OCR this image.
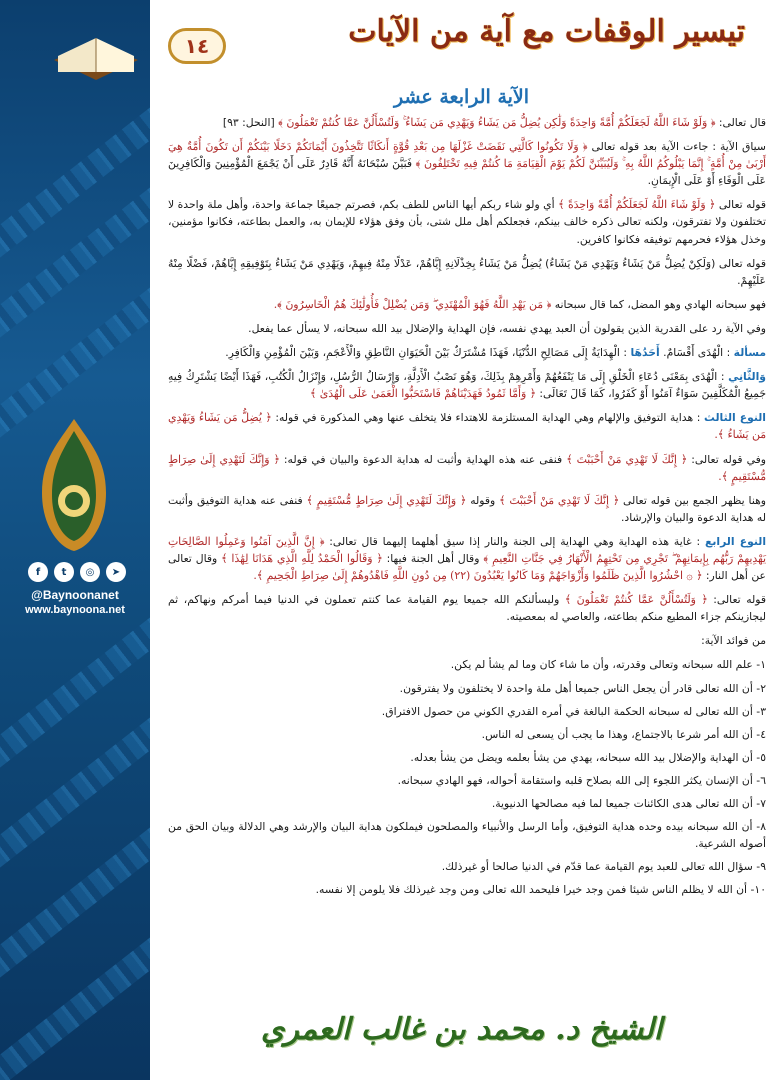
f	t	◎	➤
@Baynoonanet
www.baynoona.net
تيسير الوقفات مع آية من الآيات
١٤
الآية الرابعة عشر

قال تعالى: ﴿ وَلَوْ شَاءَ اللَّهُ لَجَعَلَكُمْ أُمَّةً وَاحِدَةً وَلَٰكِن يُضِلُّ مَن يَشَاءُ وَيَهْدِي مَن يَشَاءُ ۚ وَلَتُسْأَلُنَّ عَمَّا كُنتُمْ تَعْمَلُونَ ﴾ [النحل: ٩٣]

سياق الآية : جاءت الآية بعد قوله تعالى ﴿ وَلَا تَكُونُوا كَالَّتِي نَقَضَتْ غَزْلَهَا مِن بَعْدِ قُوَّةٍ أَنكَاثًا تَتَّخِذُونَ أَيْمَانَكُمْ دَخَلًا بَيْنَكُمْ أَن تَكُونَ أُمَّةٌ هِيَ أَرْبَىٰ مِنْ أُمَّةٍ ۚ إِنَّمَا يَبْلُوكُمُ اللَّهُ بِهِ ۚ وَلَيُبَيِّنَنَّ لَكُمْ يَوْمَ الْقِيَامَةِ مَا كُنتُمْ فِيهِ تَخْتَلِفُونَ ﴾ فَبَيَّنَ سُبْحَانَهُ أَنَّهُ قَادِرٌ عَلَى أَنْ يَجْمَعَ الْمُؤْمِنِينَ وَالْكَافِرِينَ عَلَى الْوَفَاءِ أَوْ عَلَى الْإِيمَانِ.

قوله تعالى ﴿ وَلَوْ شَاءَ اللَّهُ لَجَعَلَكُمْ أُمَّةً وَاحِدَةً ﴾ أي ولو شاء ربكم أيها الناس للطف بكم، فصرتم جميعًا جماعة واحدة، وأهل ملة واحدة لا تختلفون ولا تفترقون، ولكنه تعالى ذكره خالف بينكم، فجعلكم أهل ملل شتى، بأن وفق هؤلاء للإيمان به، والعمل بطاعته، فكانوا مؤمنين، وخذل هؤلاء فحرمهم توفيقه فكانوا كافرين.

قوله تعالى (وَلَكِنْ يُضِلُّ مَنْ يَشَاءُ وَيَهْدِي مَنْ يَشَاءُ) يُضِلُّ مَنْ يَشَاءُ بِخِذْلَانِهِ إِيَّاهُمْ، عَدْلًا مِنْهُ فِيهِمْ، وَيَهْدِي مَنْ يَشَاءُ بِتَوْفِيقِهِ إِيَّاهُمْ، فَضْلًا مِنْهُ عَلَيْهِمْ.

فهو سبحانه الهادي وهو المضل، كما قال سبحانه ﴿ مَن يَهْدِ اللَّهُ فَهُوَ الْمُهْتَدِي ۖ وَمَن يُضْلِلْ فَأُولَٰئِكَ هُمُ الْخَاسِرُونَ ﴾.

وفي الآية رد على القدرية الذين يقولون أن العبد يهدي نفسه، فإن الهداية والإضلال بيد الله سبحانه، لا يسأل عما يفعل.

مسألة : الْهُدَى أَقْسَامٌ. أَحَدُهَا : الْهِدَايَةُ إِلَى مَصَالِحِ الدُّنْيَا، فَهَذَا مُشْتَرَكٌ بَيْنَ الْحَيَوَانِ النَّاطِقِ وَالْأَعْجَمِ، وَبَيْنَ الْمُؤْمِنِ وَالْكَافِرِ.

وَالثَّانِي : الْهُدَى بِمَعْنَى دُعَاءِ الْخَلْقِ إِلَى مَا يَنْفَعُهُمْ وَأَمْرِهِمْ بِذَلِكَ، وَهُوَ نَصْبُ الْأَدِلَّةِ، وَإِرْسَالُ الرُّسُلِ، وَإِنْزَالُ الْكُتُبِ، فَهَذَا أَيْضًا يَشْتَرِكُ فِيهِ جَمِيعُ الْمُكَلَّفِينَ سَوَاءٌ آمَنُوا أَوْ كَفَرُوا، كَمَا قَالَ تَعَالَى: ﴿ وَأَمَّا ثَمُودُ فَهَدَيْنَاهُمْ فَاسْتَحَبُّوا الْعَمَىٰ عَلَى الْهُدَىٰ ﴾

النوع الثالث : هداية التوفيق والإلهام وهي الهداية المستلزمة للاهتداء فلا يتخلف عنها وهي المذكورة في قوله: ﴿ يُضِلُّ مَن يَشَاءُ وَيَهْدِي مَن يَشَاءُ ﴾.

وفي قوله تعالى: ﴿ إِنَّكَ لَا تَهْدِي مَنْ أَحْبَبْتَ ﴾ فنفى عنه هذه الهداية وأثبت له هداية الدعوة والبيان في قوله: ﴿ وَإِنَّكَ لَتَهْدِي إِلَىٰ صِرَاطٍ مُّسْتَقِيمٍ ﴾.

وهنا يظهر الجمع بين قوله تعالى ﴿ إِنَّكَ لَا تَهْدِي مَنْ أَحْبَبْتَ ﴾ وقوله ﴿ وَإِنَّكَ لَتَهْدِي إِلَىٰ صِرَاطٍ مُّسْتَقِيمٍ ﴾ فنفى عنه هداية التوفيق وأثبت له هداية الدعوة والبيان والإرشاد.

النوع الرابع : غاية هذه الهداية وهي الهداية إلى الجنة والنار إذا سيق أهلهما إليهما قال تعالى: ﴿ إِنَّ الَّذِينَ آمَنُوا وَعَمِلُوا الصَّالِحَاتِ يَهْدِيهِمْ رَبُّهُم بِإِيمَانِهِمْ ۖ تَجْرِي مِن تَحْتِهِمُ الْأَنْهَارُ فِي جَنَّاتِ النَّعِيمِ ﴾ وقال أهل الجنة فيها: ﴿ وَقَالُوا الْحَمْدُ لِلَّهِ الَّذِي هَدَانَا لِهَٰذَا ﴾ وقال تعالى عن أهل النار: ﴿ ۞ احْشُرُوا الَّذِينَ ظَلَمُوا وَأَزْوَاجَهُمْ وَمَا كَانُوا يَعْبُدُونَ (٢٢) مِن دُونِ اللَّهِ فَاهْدُوهُمْ إِلَىٰ صِرَاطِ الْجَحِيمِ ﴾.

قوله تعالى: ﴿ وَلَتُسْأَلُنَّ عَمَّا كُنتُمْ تَعْمَلُونَ ﴾ وليسألنكم الله جميعا يوم القيامة عما كنتم تعملون في الدنيا فيما أمركم ونهاكم، ثم ليجازينكم جزاء المطيع منكم بطاعته، والعاصي له بمعصيته.

من فوائد الآية:

١- علم الله سبحانه وتعالى وقدرته، وأن ما شاء كان وما لم يشأ لم يكن.

٢- أن الله تعالى قادر أن يجعل الناس جميعا أهل ملة واحدة لا يختلفون ولا يفترقون.

٣- أن الله تعالى له سبحانه الحكمة البالغة في أمره القدري الكوني من حصول الافتراق.

٤- أن الله أمر شرعا بالاجتماع، وهذا ما يجب أن يسعى له الناس.

٥- أن الهداية والإضلال بيد الله سبحانه، يهدي من يشأ بعلمه ويضل من يشأ بعدله.

٦- أن الإنسان يكثر اللجوء إلى الله بصلاح قلبه واستقامة أحواله، فهو الهادي سبحانه.

٧- أن الله تعالى هدى الكائنات جميعا لما فيه مصالحها الدنيوية.

٨- أن الله سبحانه بيده وحده هداية التوفيق، وأما الرسل والأنبياء والمصلحون فيملكون هداية البيان والإرشد وهي الدلالة وبيان الحق من أصوله الشرعية.

٩- سؤال الله تعالى للعبد يوم القيامة عما قدّم في الدنيا صالحا أو غيرذلك.

١٠- أن الله لا يظلم الناس شيئا فمن وجد خيرا فليحمد الله تعالى ومن وجد غيرذلك فلا يلومن إلا نفسه.

الشيخ د. محمد بن غالب العمري
